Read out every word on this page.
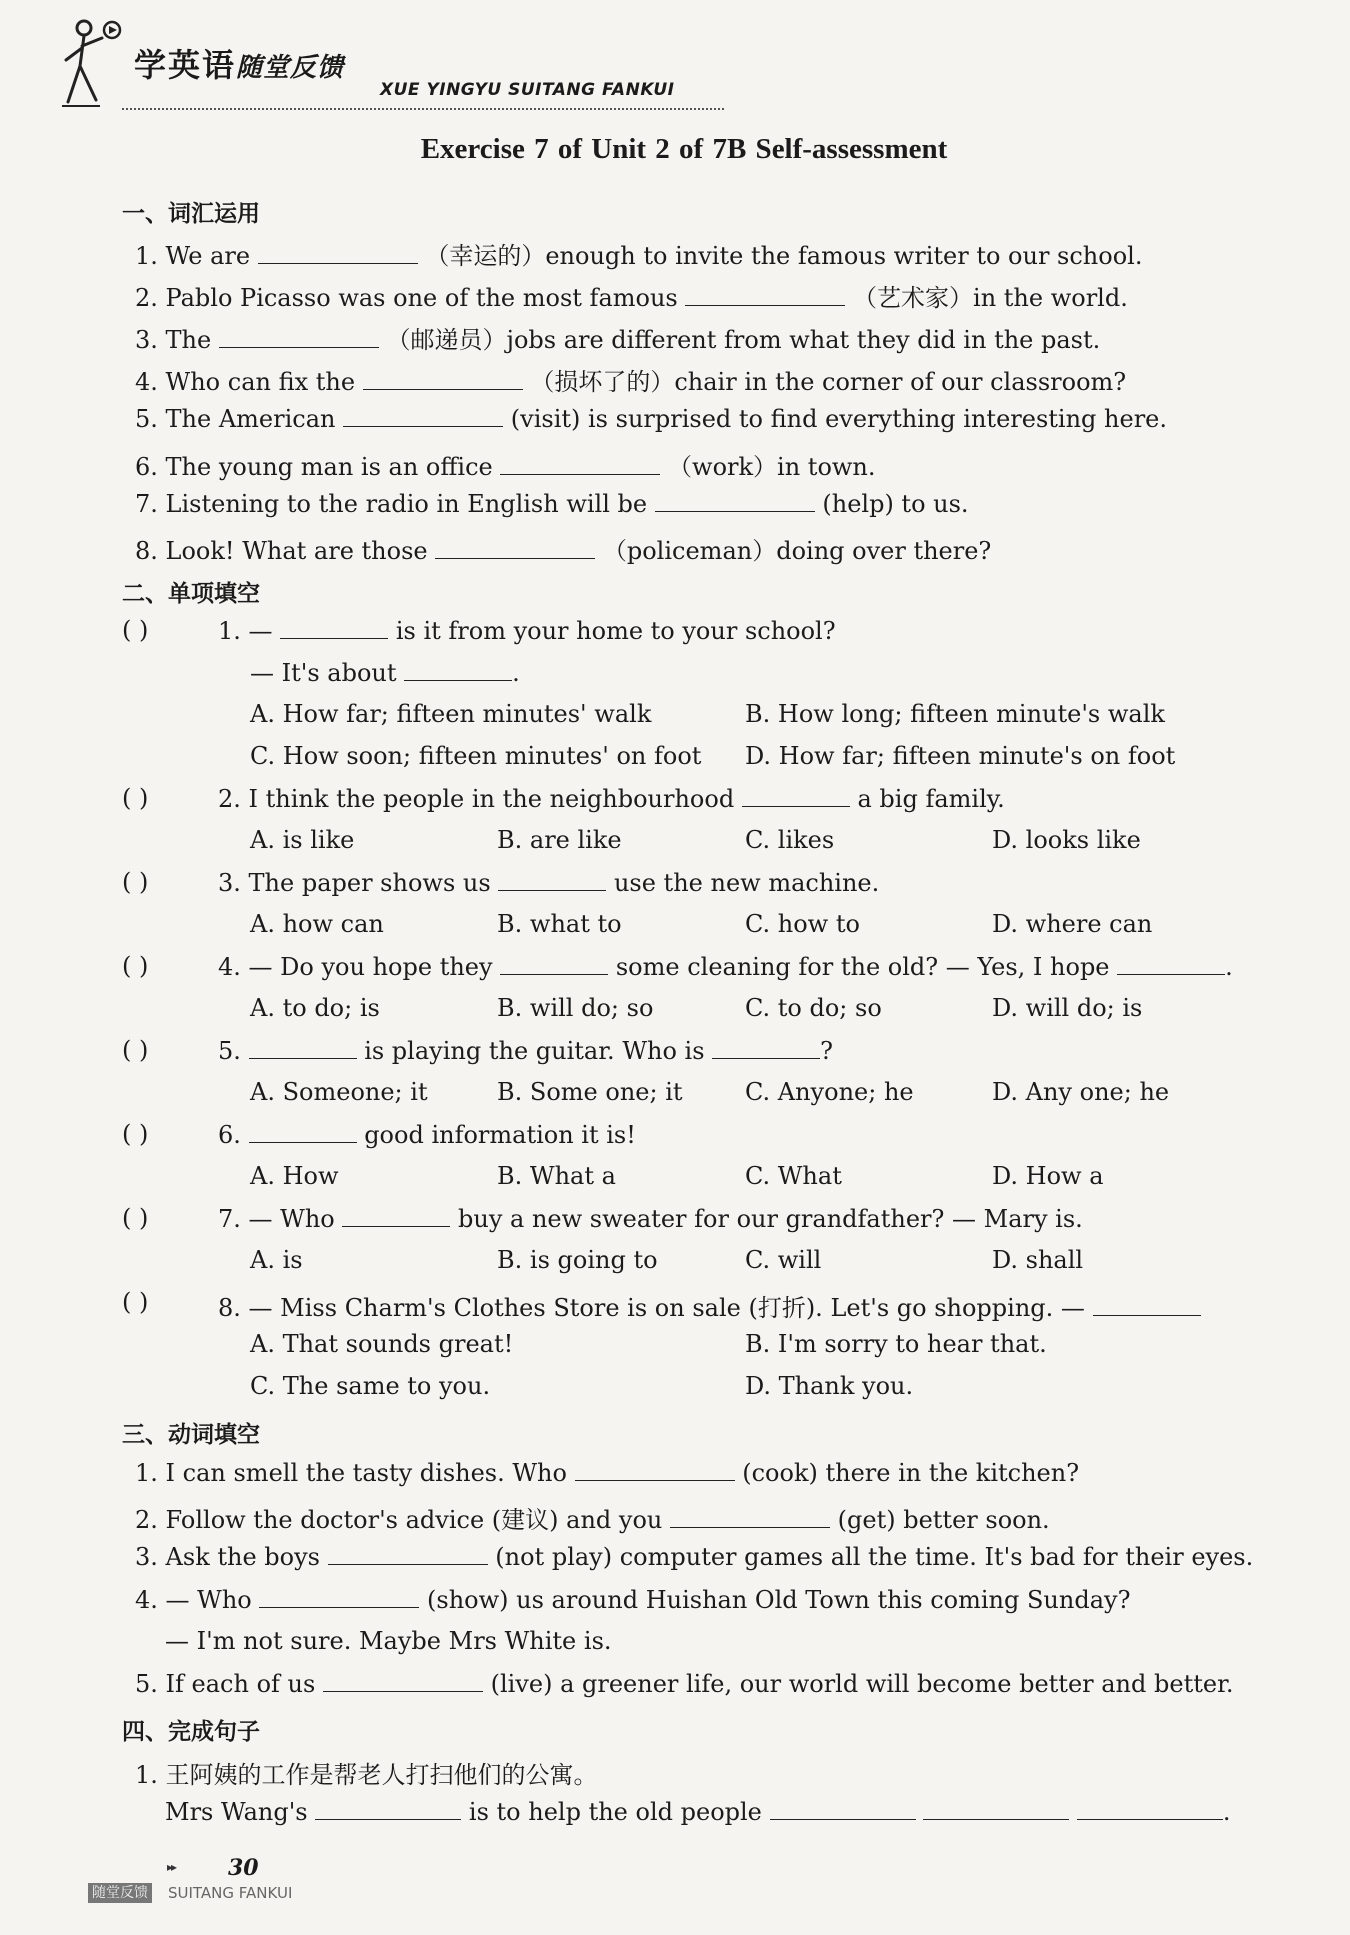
学英语随堂反馈
XUE YINGYU SUITANG FANKUI
Exercise 7 of Unit 2 of 7B Self-assessment
一、词汇运用
1. We are	（幸运的）enough to invite the famous writer to our school.
2. Pablo Picasso was one of the most famous	（艺术家）in the world.
3. The	（邮递员）jobs are different from what they did in the past.
4. Who can fix the	（损坏了的）chair in the corner of our classroom?
5. The American	(visit) is surprised to find everything interesting here.
6. The young man is an office	（work）in town.
7. Listening to the radio in English will be	(help) to us.
8. Look! What are those	（policeman）doing over there?
二、单项填空
( )	1. —	is it from your home to your school?
— It's about	.
A. How far; fifteen minutes' walk	B. How long; fifteen minute's walk
C. How soon; fifteen minutes' on foot D. How far; fifteen minute's on foot
( )	2. I think the people in the neighbourhood	a big family.
A. is like	B. are like	C. likes	D. looks like
( )	3. The paper shows us	use the new machine.
A. how can	B. what to	C. how to	D. where can
( )	4. — Do you hope they	some cleaning for the old? — Yes, I hope	.
A. to do; is	B. will do; so	C. to do; so	D. will do; is
( )	5.	is playing the guitar. Who is	?
A. Someone; it	B. Some one; it	C. Anyone; he	D. Any one; he
( )	6.	good information it is!
A. How	B. What a	C. What	D. How a
( )	7. — Who	buy a new sweater for our grandfather? — Mary is.
A. is	B. is going to	C. will	D. shall
( )	8. — Miss Charm's Clothes Store is on sale (打折). Let's go shopping. —
A. That sounds great!	B. I'm sorry to hear that.
C. The same to you.	D. Thank you.
三、动词填空
1. I can smell the tasty dishes. Who	(cook) there in the kitchen?
2. Follow the doctor's advice (建议) and you	(get) better soon.
3. Ask the boys	(not play) computer games all the time. It's bad for their eyes.
4. — Who	(show) us around Huishan Old Town this coming Sunday?
— I'm not sure. Maybe Mrs White is.
5. If each of us	(live) a greener life, our world will become better and better.
四、完成句子
1. 王阿姨的工作是帮老人打扫他们的公寓。
Mrs Wang's	is to help the old people	.
▸▸ 30
随堂反馈 SUITANG FANKUI
